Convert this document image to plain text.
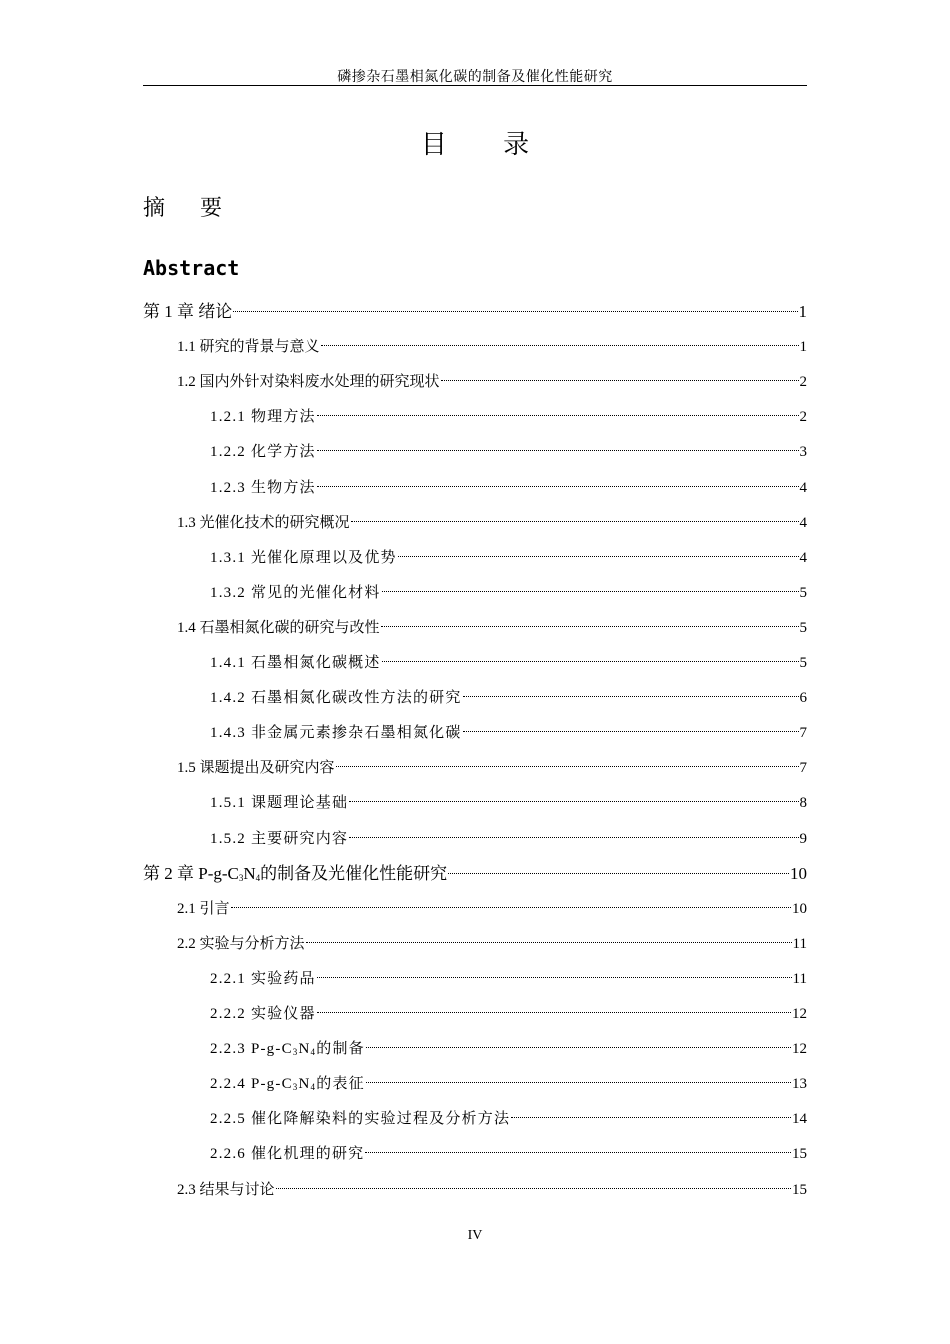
磷掺杂石墨相氮化碳的制备及催化性能研究
目 录
摘 要
Abstract
第 1 章 绪论	1
1.1 研究的背景与意义	1
1.2 国内外针对染料废水处理的研究现状	2
1.2.1 物理方法	2
1.2.2 化学方法	3
1.2.3 生物方法	4
1.3 光催化技术的研究概况	4
1.3.1 光催化原理以及优势	4
1.3.2 常见的光催化材料	5
1.4 石墨相氮化碳的研究与改性	5
1.4.1 石墨相氮化碳概述	5
1.4.2 石墨相氮化碳改性方法的研究	6
1.4.3 非金属元素掺杂石墨相氮化碳	7
1.5 课题提出及研究内容	7
1.5.1 课题理论基础	8
1.5.2 主要研究内容	9
第 2 章 $P-g-C_3N_4$的制备及光催化性能研究	10
2.1 引言	10
2.2 实验与分析方法	11
2.2.1 实验药品	11
2.2.2 实验仪器	12
2.2.3 $P-g-C_3N_4$的制备	12
2.2.4 $P-g-C_3N_4$的表征	13
2.2.5 催化降解染料的实验过程及分析方法	14
2.2.6 催化机理的研究	15
2.3 结果与讨论	15
IV
